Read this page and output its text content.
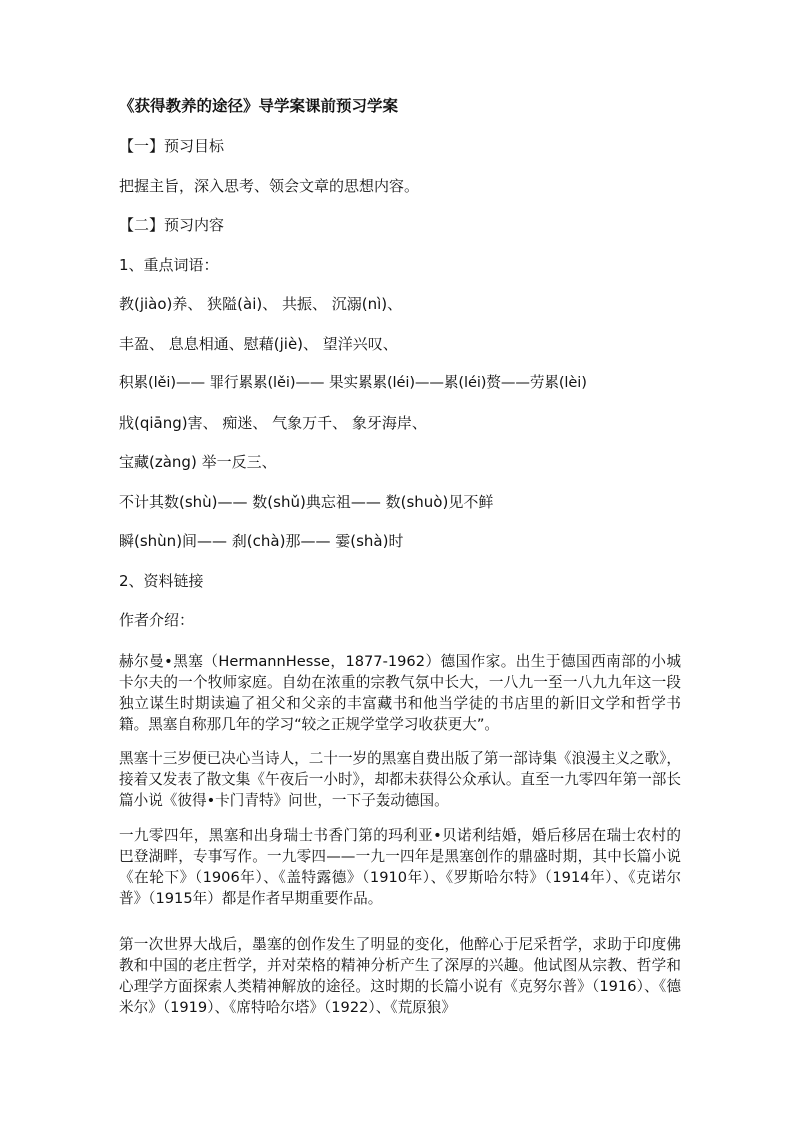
《获得教养的途径》导学案课前预习学案
【一】预习目标
把握主旨，深入思考、领会文章的思想内容。
【二】预习内容
1、重点词语：
教(jiào)养、 狭隘(ài)、 共振、 沉溺(nì)、
丰盈、 息息相通、慰藉(jiè)、 望洋兴叹、
积累(lěi)—— 罪行累累(lěi)—— 果实累累(léi)——累(léi)赘——劳累(lèi)
戕(qiāng)害、 痴迷、 气象万千、 象牙海岸、
宝藏(zàng) 举一反三、
不计其数(shù)—— 数(shǔ)典忘祖—— 数(shuò)见不鲜
瞬(shùn)间—— 刹(chà)那—— 霎(shà)时
2、资料链接
作者介绍：
赫尔曼•黑塞（HermannHesse，1877-1962）德国作家。出生于德国西南部的小城卡尔夫的一个牧师家庭。自幼在浓重的宗教气氛中长大，一八九一至一八九九年这一段独立谋生时期读遍了祖父和父亲的丰富藏书和他当学徒的书店里的新旧文学和哲学书籍。黑塞自称那几年的学习“较之正规学堂学习收获更大”。
黑塞十三岁便已决心当诗人，二十一岁的黑塞自费出版了第一部诗集《浪漫主义之歌》，接着又发表了散文集《午夜后一小时》，却都未获得公众承认。直至一九零四年第一部长篇小说《彼得•卡门青特》问世，一下子轰动德国。
一九零四年，黑塞和出身瑞士书香门第的玛利亚•贝诺利结婚，婚后移居在瑞士农村的巴登湖畔，专事写作。一九零四——一九一四年是黑塞创作的鼎盛时期，其中长篇小说《在轮下》（1906年）、《盖特露德》（1910年）、《罗斯哈尔特》（1914年）、《克诺尔普》（1915年）都是作者早期重要作品。
第一次世界大战后，墨塞的创作发生了明显的变化，他醉心于尼采哲学，求助于印度佛教和中国的老庄哲学，并对荣格的精神分析产生了深厚的兴趣。他试图从宗教、哲学和心理学方面探索人类精神解放的途径。这时期的长篇小说有《克努尔普》（1916）、《德米尔》（1919）、《席特哈尔塔》（1922）、《荒原狼》
